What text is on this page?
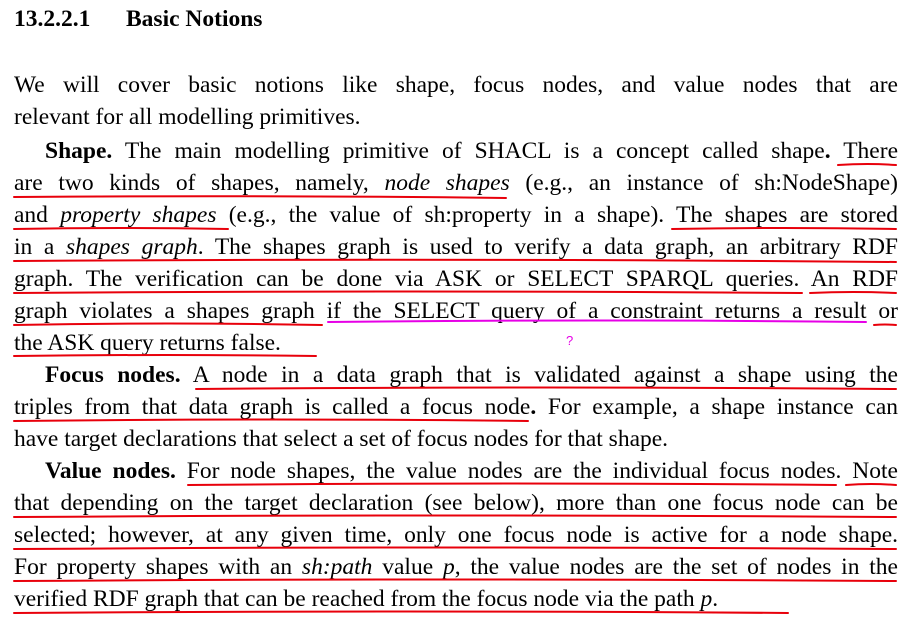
13.2.2.1 Basic Notions
We will cover basic notions like shape, focus nodes, and value nodes that are
relevant for all modelling primitives.
Shape. The main modelling primitive of SHACL is a concept called shape. There
are two kinds of shapes, namely, node shapes (e.g., an instance of sh:NodeShape)
and property shapes (e.g., the value of sh:property in a shape). The shapes are stored
in a shapes graph. The shapes graph is used to verify a data graph, an arbitrary RDF
graph. The verification can be done via ASK or SELECT SPARQL queries. An RDF
graph violates a shapes graph if the SELECT query of a constraint returns a result or
the ASK query returns false.
Focus nodes. A node in a data graph that is validated against a shape using the
triples from that data graph is called a focus node. For example, a shape instance can
have target declarations that select a set of focus nodes for that shape.
Value nodes. For node shapes, the value nodes are the individual focus nodes. Note
that depending on the target declaration (see below), more than one focus node can be
selected; however, at any given time, only one focus node is active for a node shape.
For property shapes with an sh:path value p, the value nodes are the set of nodes in the
verified RDF graph that can be reached from the focus node via the path p.
?
